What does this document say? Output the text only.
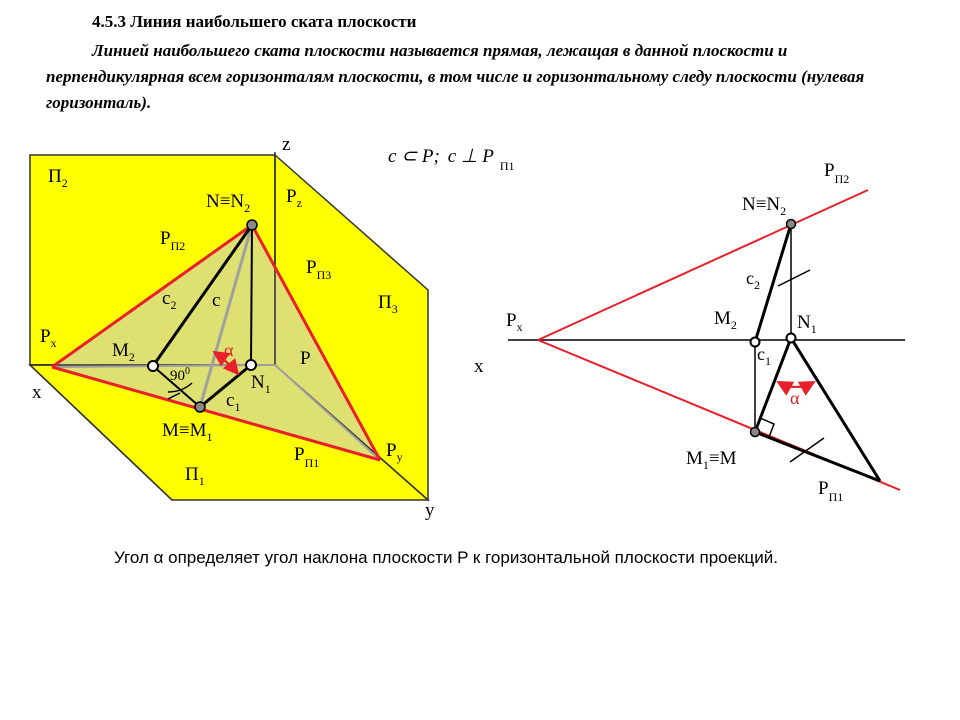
4.5.3 Линия наибольшего ската плоскости
Линией наибольшего ската плоскости называется прямая, лежащая в данной плоскости и перпендикулярная всем горизонталям плоскости, в том числе и горизонтальному следу плоскости (нулевая горизонталь).
z
x
y
$П_2$
$П_3$
$П_1$
$N\equiv N_2$
$P_z$
$P_{П2}$
$P_{П3}$
$c_2$ c
$P_x$	$M_2$	α	P
$90^0$
$N_1$
$c_1$
$M\equiv M_1$
$P_y$
$P_{П1}$
c ⊂ P; c ⊥ P $_{П1}$	$P_{П2}$
$N\equiv N_2$
$c_2$
$P_x$	$M_2$	$N_1$
x
$c_1$
α
$M_1\equiv M$
$P_{П1}$
Угол α определяет угол наклона плоскости P к горизонтальной плоскости проекций.
